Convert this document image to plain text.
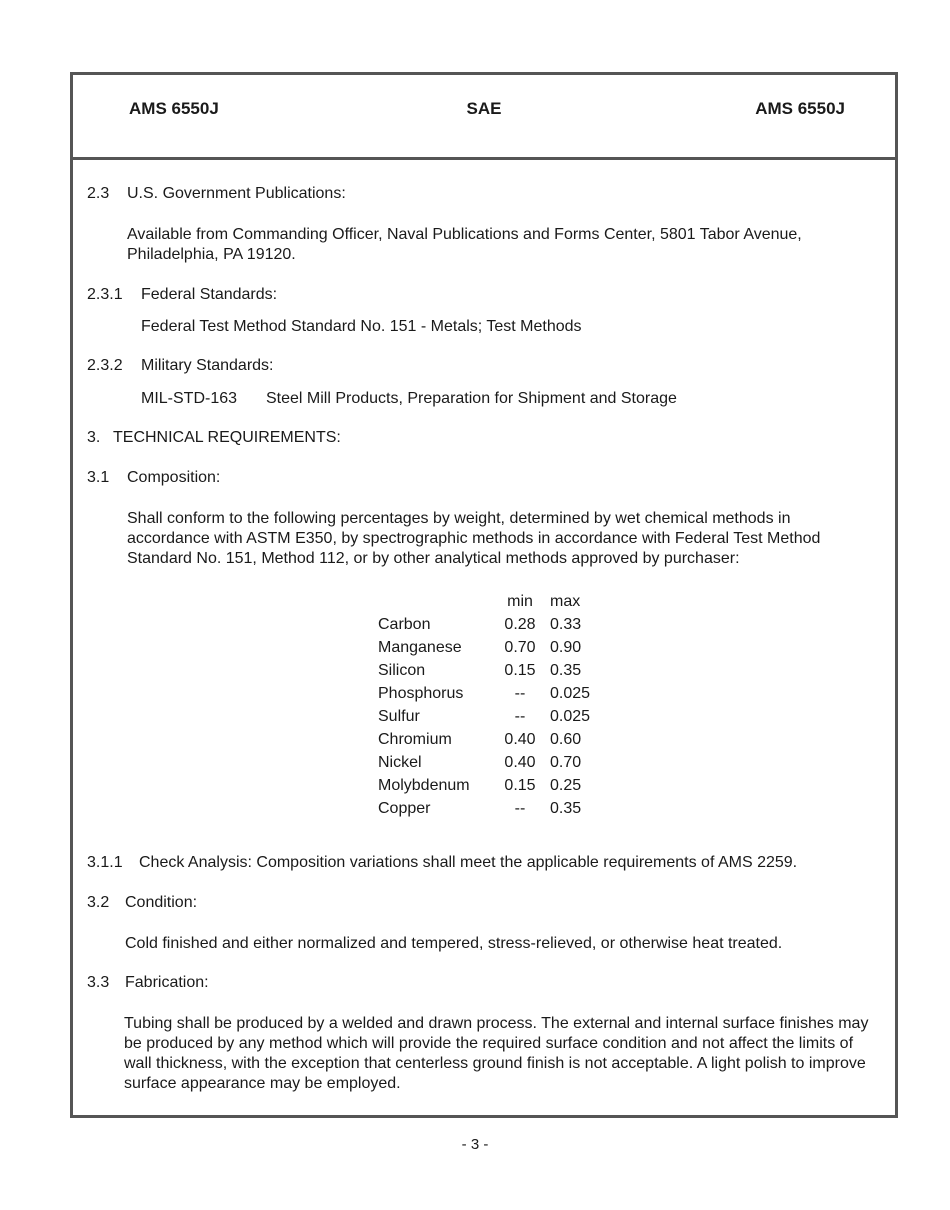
AMS 6550J	SAE	AMS 6550J
2.3 U.S. Government Publications:
Available from Commanding Officer, Naval Publications and Forms Center, 5801 Tabor Avenue, Philadelphia, PA 19120.
2.3.1 Federal Standards:
Federal Test Method Standard No. 151 - Metals; Test Methods
2.3.2 Military Standards:
MIL-STD-163 Steel Mill Products, Preparation for Shipment and Storage
3. TECHNICAL REQUIREMENTS:
3.1 Composition:
Shall conform to the following percentages by weight, determined by wet chemical methods in accordance with ASTM E350, by spectrographic methods in accordance with Federal Test Method Standard No. 151, Method 112, or by other analytical methods approved by purchaser:
	min	max
Carbon	0.28	0.33
Manganese	0.70	0.90
Silicon	0.15	0.35
Phosphorus	--	0.025
Sulfur	--	0.025
Chromium	0.40	0.60
Nickel	0.40	0.70
Molybdenum	0.15	0.25
Copper	--	0.35
3.1.1 Check Analysis: Composition variations shall meet the applicable requirements of AMS 2259.
3.2 Condition:
Cold finished and either normalized and tempered, stress-relieved, or otherwise heat treated.
3.3 Fabrication:
Tubing shall be produced by a welded and drawn process. The external and internal surface finishes may be produced by any method which will provide the required surface condition and not affect the limits of wall thickness, with the exception that centerless ground finish is not acceptable. A light polish to improve surface appearance may be employed.
- 3 -
